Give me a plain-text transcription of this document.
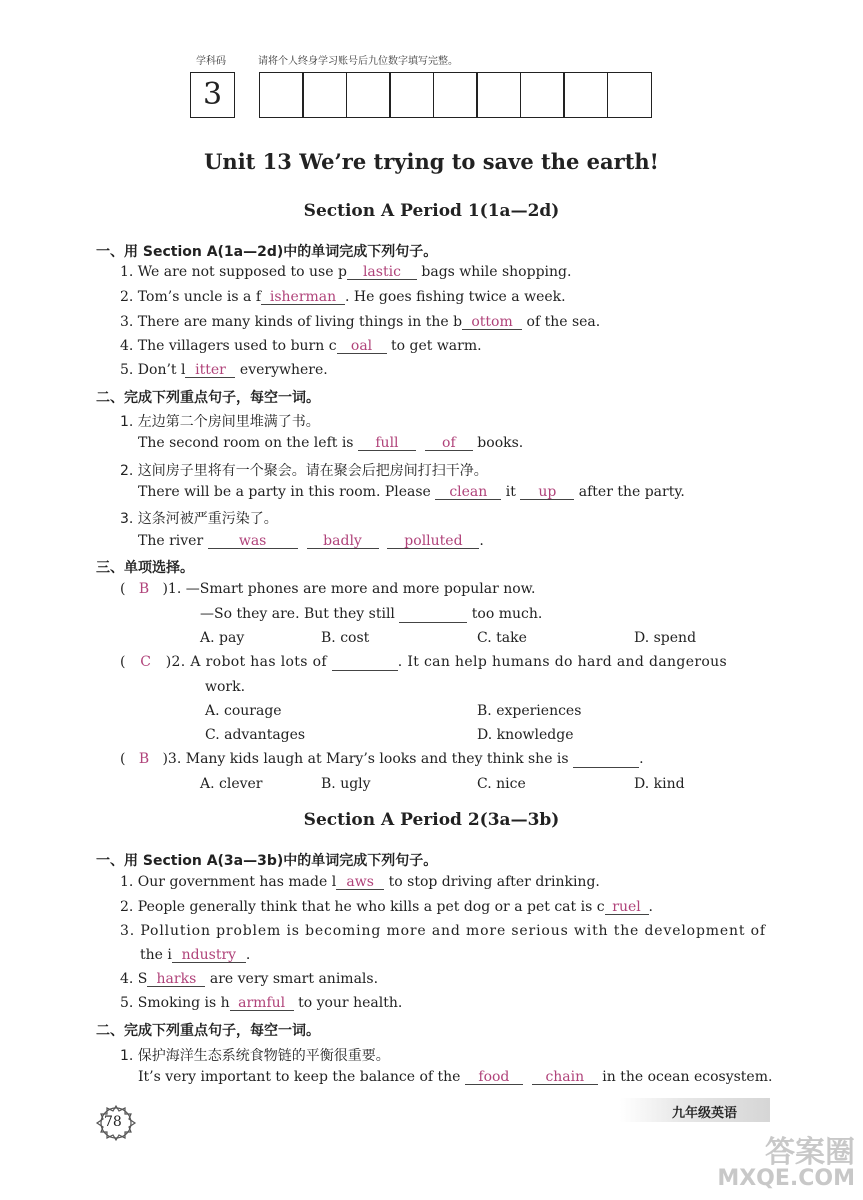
学科码	请将个人终身学习账号后九位数字填写完整。
3
Unit 13 We’re trying to save the earth!
Section A Period 1(1a—2d)
一、用 Section A(1a—2d)中的单词完成下列句子。
1. We are not supposed to use p lastic bags while shopping.
2. Tom’s uncle is a f isherman . He goes fishing twice a week.
3. There are many kinds of living things in the b ottom of the sea.
4. The villagers used to burn c oal to get warm.
5. Don’t l itter everywhere.
二、完成下列重点句子，每空一词。
1. 左边第二个房间里堆满了书。
The second room on the left is full	of books.
2. 这间房子里将有一个聚会。请在聚会后把房间打扫干净。
There will be a party in this room. Please clean it up after the party.
3. 这条河被严重污染了。
The river was	badly	polluted .
三、单项选择。
(   B )1. —Smart phones are more and more popular now.
—So they are. But they still	too much.
A. pay	B. cost	C. take	D. spend
(   C )2. A robot has lots of	. It can help humans do hard and dangerous
work.
A. courage	B. experiences
C. advantages	D. knowledge
(   B )3. Many kids laugh at Mary’s looks and they think she is	.
A. clever	B. ugly	C. nice	D. kind
Section A Period 2(3a—3b)
一、用 Section A(3a—3b)中的单词完成下列句子。
1. Our government has made l aws to stop driving after drinking.
2. People generally think that he who kills a pet dog or a pet cat is c ruel .
3. Pollution problem is becoming more and more serious with the development of
the i ndustry .
4. S harks are very smart animals.
5. Smoking is h armful to your health.
二、完成下列重点句子，每空一词。
1. 保护海洋生态系统食物链的平衡很重要。
It’s very important to keep the balance of the food	chain in the ocean ecosystem.
78
九年级英语
答案圈
MXQE.COM
